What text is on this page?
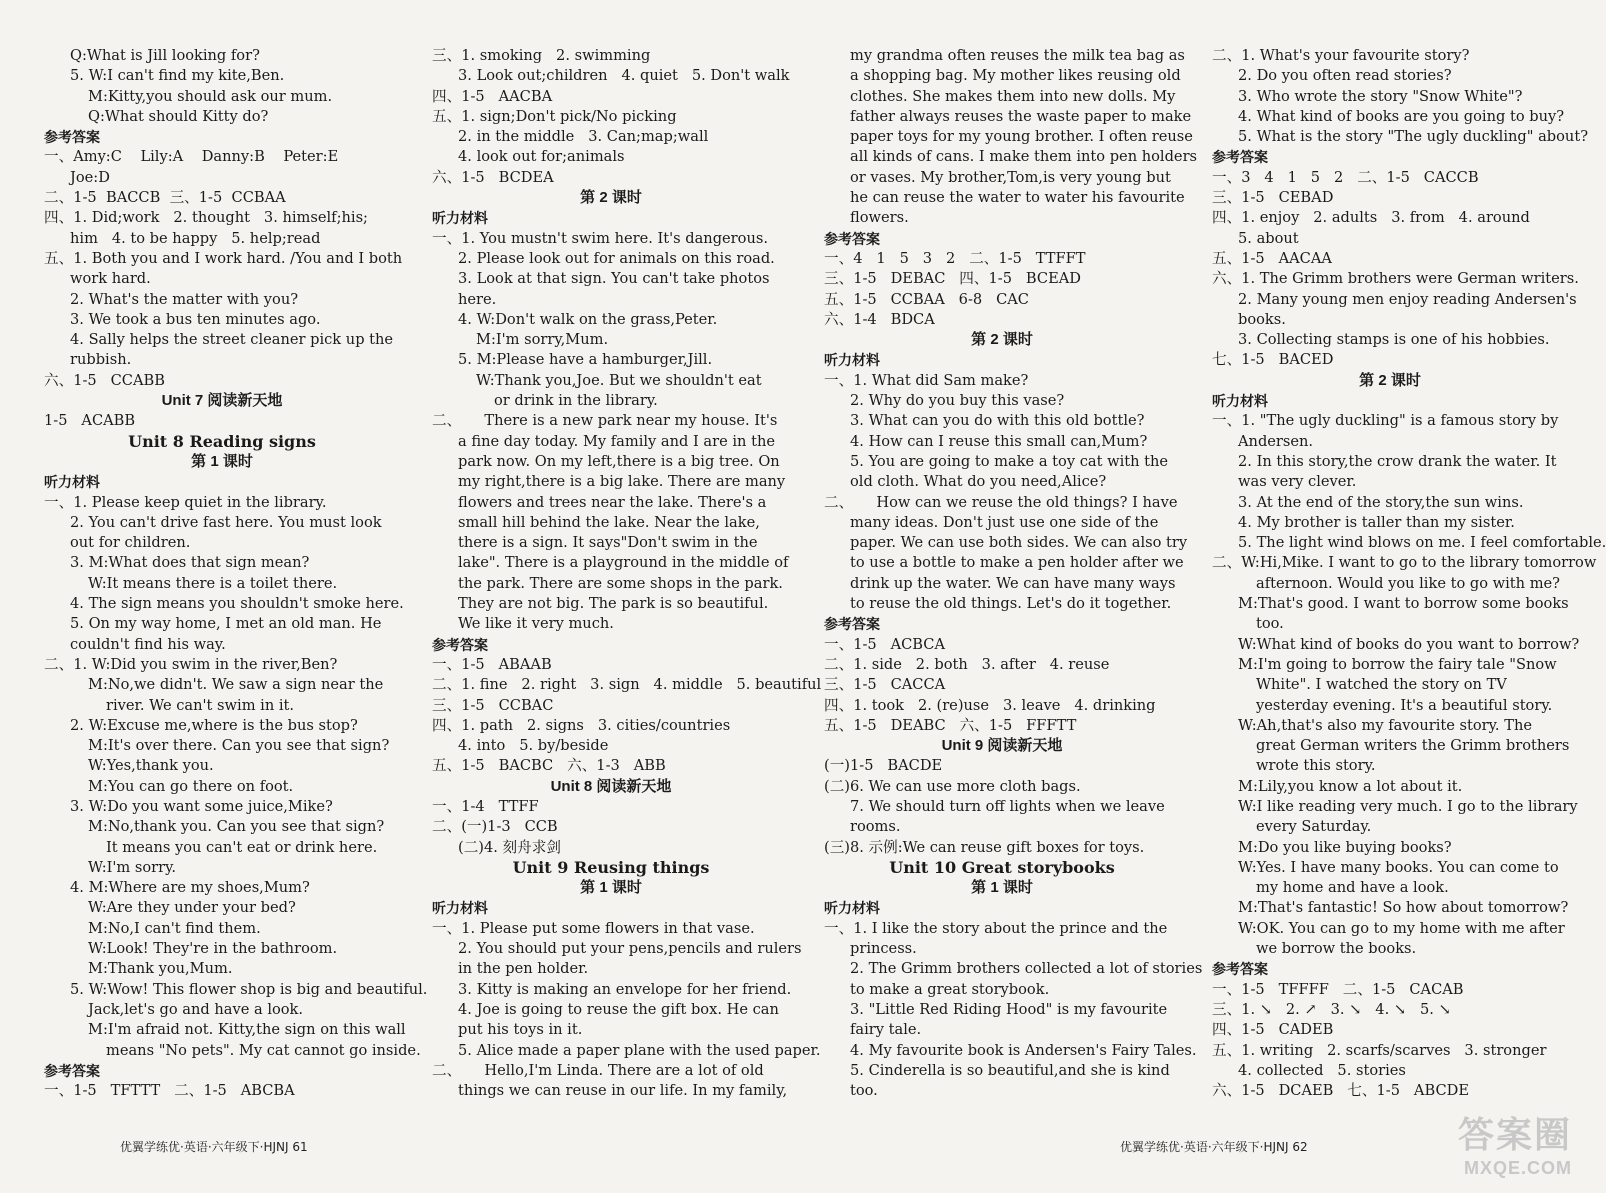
Q:What is Jill looking for?
5. W:I can't find my kite,Ben.
M:Kitty,you should ask our mum.
Q:What should Kitty do?
参考答案
一、Amy:C    Lily:A    Danny:B    Peter:E
Joe:D
二、1-5  BACCB  三、1-5  CCBAA
四、1. Did;work   2. thought   3. himself;his;
him   4. to be happy   5. help;read
五、1. Both you and I work hard. /You and I both
work hard.
2. What's the matter with you?
3. We took a bus ten minutes ago.
4. Sally helps the street cleaner pick up the
rubbish.
六、1-5   CCABB
Unit 7 阅读新天地
1-5   ACABB
Unit 8 Reading signs
第 1 课时
听力材料
一、1. Please keep quiet in the library.
2. You can't drive fast here. You must look
out for children.
3. M:What does that sign mean?
W:It means there is a toilet there.
4. The sign means you shouldn't smoke here.
5. On my way home, I met an old man. He
couldn't find his way.
二、1. W:Did you swim in the river,Ben?
M:No,we didn't. We saw a sign near the
river. We can't swim in it.
2. W:Excuse me,where is the bus stop?
M:It's over there. Can you see that sign?
W:Yes,thank you.
M:You can go there on foot.
3. W:Do you want some juice,Mike?
M:No,thank you. Can you see that sign?
It means you can't eat or drink here.
W:I'm sorry.
4. M:Where are my shoes,Mum?
W:Are they under your bed?
M:No,I can't find them.
W:Look! They're in the bathroom.
M:Thank you,Mum.
5. W:Wow! This flower shop is big and beautiful.
Jack,let's go and have a look.
M:I'm afraid not. Kitty,the sign on this wall
means "No pets". My cat cannot go inside.
参考答案
一、1-5   TFTTT   二、1-5   ABCBA
三、1. smoking   2. swimming
3. Look out;children   4. quiet   5. Don't walk
四、1-5   AACBA
五、1. sign;Don't pick/No picking
2. in the middle   3. Can;map;wall
4. look out for;animals
六、1-5   BCDEA
第 2 课时
听力材料
一、1. You mustn't swim here. It's dangerous.
2. Please look out for animals on this road.
3. Look at that sign. You can't take photos
here.
4. W:Don't walk on the grass,Peter.
M:I'm sorry,Mum.
5. M:Please have a hamburger,Jill.
W:Thank you,Joe. But we shouldn't eat
or drink in the library.
二、     There is a new park near my house. It's
a fine day today. My family and I are in the
park now. On my left,there is a big tree. On
my right,there is a big lake. There are many
flowers and trees near the lake. There's a
small hill behind the lake. Near the lake,
there is a sign. It says"Don't swim in the
lake". There is a playground in the middle of
the park. There are some shops in the park.
They are not big. The park is so beautiful.
We like it very much.
参考答案
一、1-5   ABAAB
二、1. fine   2. right   3. sign   4. middle   5. beautiful
三、1-5   CCBAC
四、1. path   2. signs   3. cities/countries
4. into   5. by/beside
五、1-5   BACBC   六、1-3   ABB
Unit 8 阅读新天地
一、1-4   TTFF
二、(一)1-3   CCB
(二)4. 刻舟求剑
Unit 9 Reusing things
第 1 课时
听力材料
一、1. Please put some flowers in that vase.
2. You should put your pens,pencils and rulers
in the pen holder.
3. Kitty is making an envelope for her friend.
4. Joe is going to reuse the gift box. He can
put his toys in it.
5. Alice made a paper plane with the used paper.
二、     Hello,I'm Linda. There are a lot of old
things we can reuse in our life. In my family,
my grandma often reuses the milk tea bag as
a shopping bag. My mother likes reusing old
clothes. She makes them into new dolls. My
father always reuses the waste paper to make
paper toys for my young brother. I often reuse
all kinds of cans. I make them into pen holders
or vases. My brother,Tom,is very young but
he can reuse the water to water his favourite
flowers.
参考答案
一、4   1   5   3   2   二、1-5   TTFFT
三、1-5   DEBAC   四、1-5   BCEAD
五、1-5   CCBAA   6-8   CAC
六、1-4   BDCA
第 2 课时
听力材料
一、1. What did Sam make?
2. Why do you buy this vase?
3. What can you do with this old bottle?
4. How can I reuse this small can,Mum?
5. You are going to make a toy cat with the
old cloth. What do you need,Alice?
二、     How can we reuse the old things? I have
many ideas. Don't just use one side of the
paper. We can use both sides. We can also try
to use a bottle to make a pen holder after we
drink up the water. We can have many ways
to reuse the old things. Let's do it together.
参考答案
一、1-5   ACBCA
二、1. side   2. both   3. after   4. reuse
三、1-5   CACCA
四、1. took   2. (re)use   3. leave   4. drinking
五、1-5   DEABC   六、1-5   FFFTT
Unit 9 阅读新天地
(一)1-5   BACDE
(二)6. We can use more cloth bags.
7. We should turn off lights when we leave
rooms.
(三)8. 示例:We can reuse gift boxes for toys.
Unit 10 Great storybooks
第 1 课时
听力材料
一、1. I like the story about the prince and the
princess.
2. The Grimm brothers collected a lot of stories
to make a great storybook.
3. "Little Red Riding Hood" is my favourite
fairy tale.
4. My favourite book is Andersen's Fairy Tales.
5. Cinderella is so beautiful,and she is kind
too.
二、1. What's your favourite story?
2. Do you often read stories?
3. Who wrote the story "Snow White"?
4. What kind of books are you going to buy?
5. What is the story "The ugly duckling" about?
参考答案
一、3   4   1   5   2   二、1-5   CACCB
三、1-5   CEBAD
四、1. enjoy   2. adults   3. from   4. around
5. about
五、1-5   AACAA
六、1. The Grimm brothers were German writers.
2. Many young men enjoy reading Andersen's
books.
3. Collecting stamps is one of his hobbies.
七、1-5   BACED
第 2 课时
听力材料
一、1. "The ugly duckling" is a famous story by
Andersen.
2. In this story,the crow drank the water. It
was very clever.
3. At the end of the story,the sun wins.
4. My brother is taller than my sister.
5. The light wind blows on me. I feel comfortable.
二、W:Hi,Mike. I want to go to the library tomorrow
afternoon. Would you like to go with me?
M:That's good. I want to borrow some books
too.
W:What kind of books do you want to borrow?
M:I'm going to borrow the fairy tale "Snow
White". I watched the story on TV
yesterday evening. It's a beautiful story.
W:Ah,that's also my favourite story. The
great German writers the Grimm brothers
wrote this story.
M:Lily,you know a lot about it.
W:I like reading very much. I go to the library
every Saturday.
M:Do you like buying books?
W:Yes. I have many books. You can come to
my home and have a look.
M:That's fantastic! So how about tomorrow?
W:OK. You can go to my home with me after
we borrow the books.
参考答案
一、1-5   TFFFF   二、1-5   CACAB
三、1. ↘   2. ↗   3. ↘   4. ↘   5. ↘
四、1-5   CADEB
五、1. writing   2. scarfs/scarves   3. stronger
4. collected   5. stories
六、1-5   DCAEB   七、1-5   ABCDE
优翼学练优·英语·六年级下·HJNJ 61	优翼学练优·英语·六年级下·HJNJ 62	答案圈
MXQE.COM
